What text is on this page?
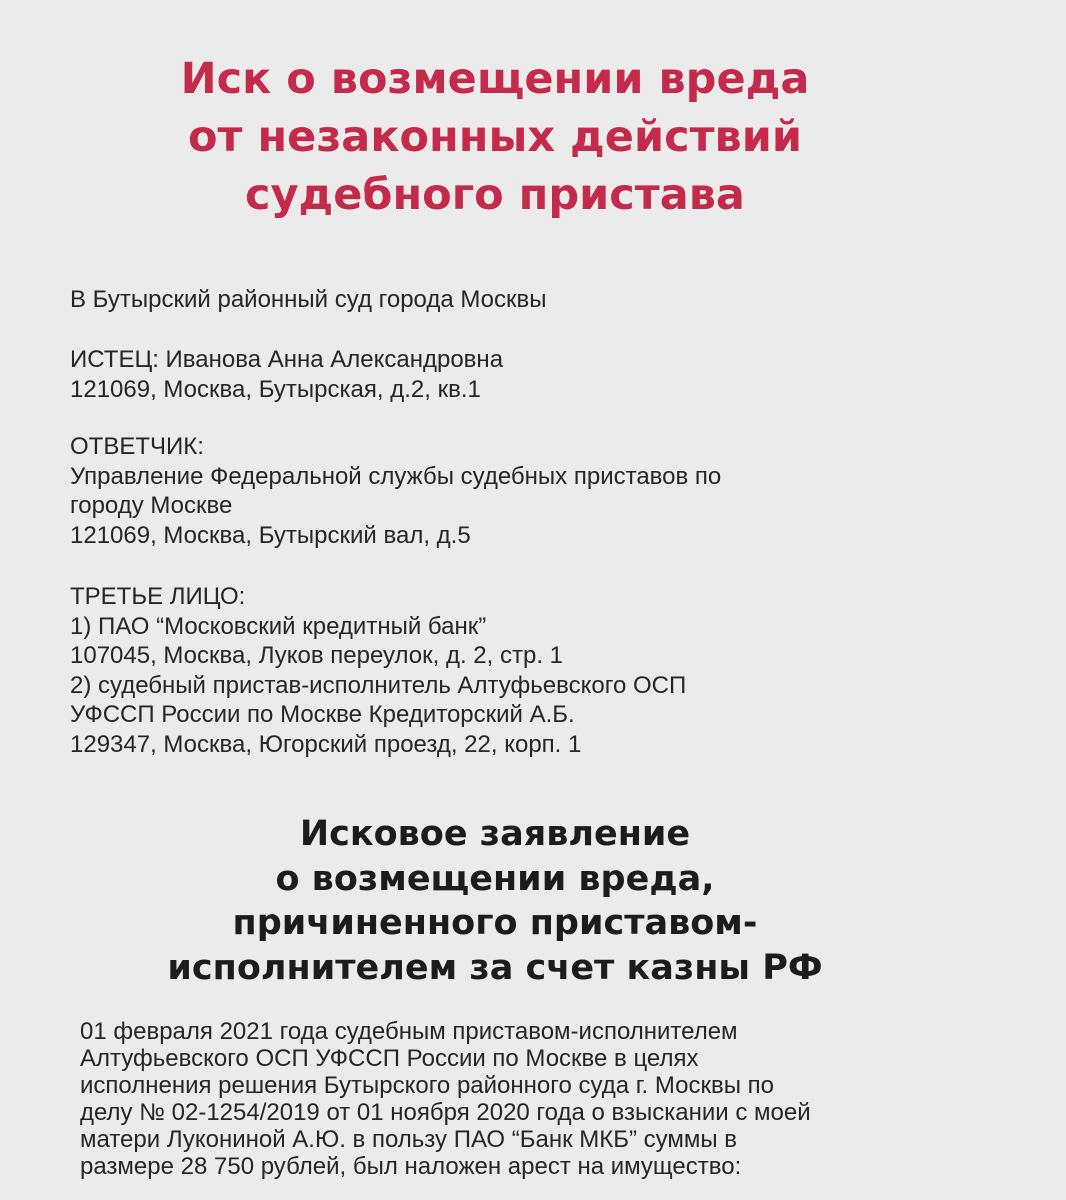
Иск о возмещении вреда
от незаконных действий
судебного пристава

В Бутырский районный суд города Москвы

ИСТЕЦ: Иванова Анна Александровна
121069, Москва, Бутырская, д.2, кв.1

ОТВЕТЧИК:
Управление Федеральной службы судебных приставов по
городу Москве
121069, Москва, Бутырский вал, д.5

ТРЕТЬЕ ЛИЦО:
1) ПАО “Московский кредитный банк”
107045, Москва, Луков переулок, д. 2, стр. 1
2) судебный пристав-исполнитель Алтуфьевского ОСП
УФССП России по Москве Кредиторский А.Б.
129347, Москва, Югорский проезд, 22, корп. 1

Исковое заявление
о возмещении вреда,
причиненного приставом-
исполнителем за счет казны РФ

01 февраля 2021 года судебным приставом-исполнителем
Алтуфьевского ОСП УФССП России по Москве в целях
исполнения решения Бутырского районного суда г. Москвы по
делу № 02-1254/2019 от 01 ноября 2020 года о взыскании с моей
матери Лукониной А.Ю. в пользу ПАО “Банк МКБ” суммы в
размере 28 750 рублей, был наложен арест на имущество:
